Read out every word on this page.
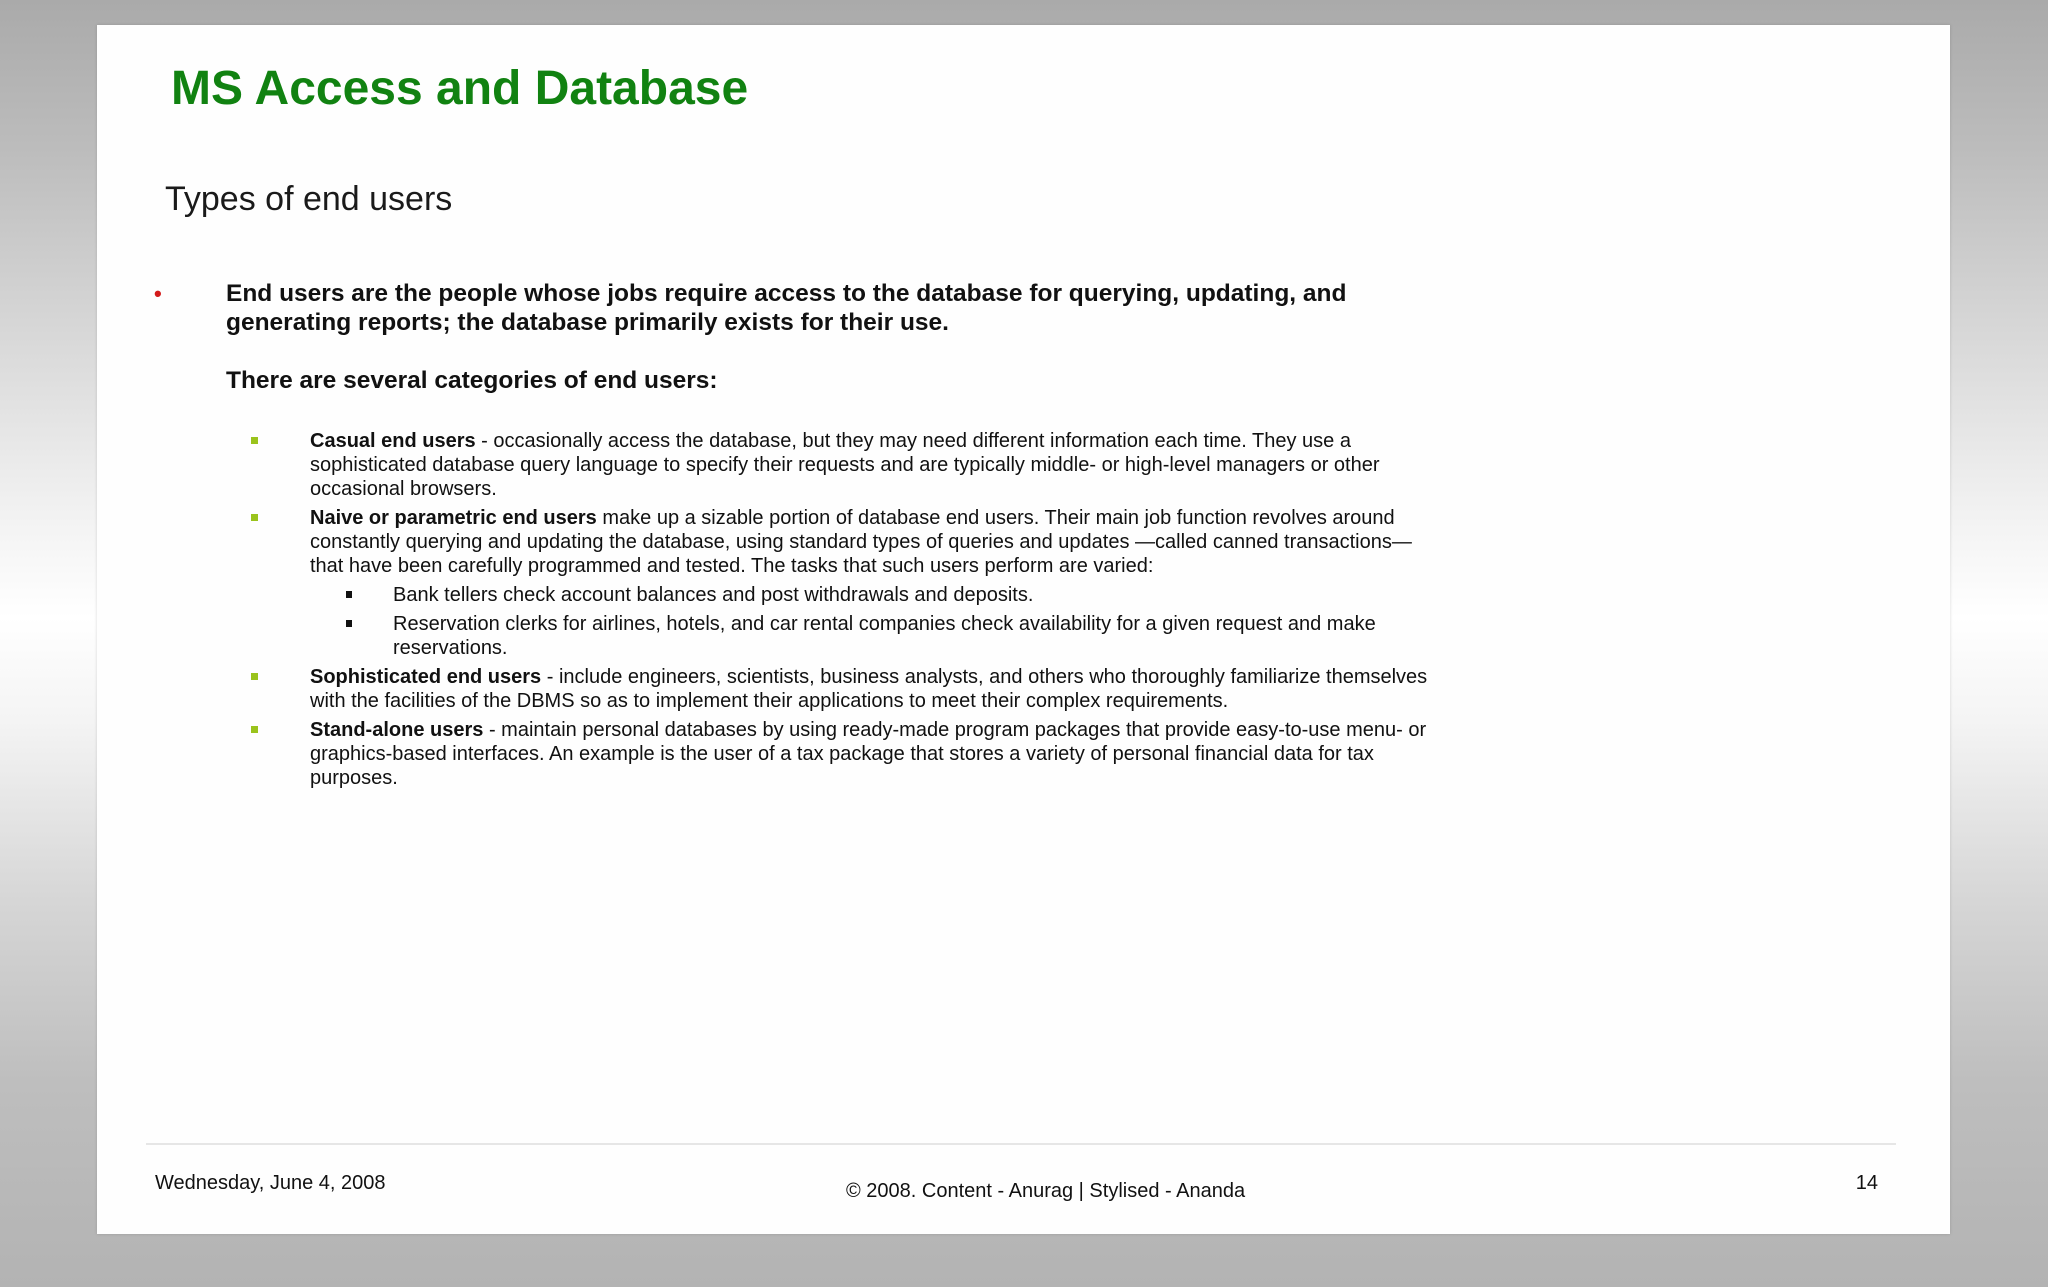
MS Access and Database
Types of end users
•	End users are the people whose jobs require access to the database for querying, updating, and generating reports; the database primarily exists for their use.

There are several categories of end users:

Casual end users - occasionally access the database, but they may need different information each time. They use a sophisticated database query language to specify their requests and are typically middle- or high-level managers or other occasional browsers.
Naive or parametric end users make up a sizable portion of database end users. Their main job function revolves around constantly querying and updating the database, using standard types of queries and updates —called canned transactions—that have been carefully programmed and tested. The tasks that such users perform are varied:
Bank tellers check account balances and post withdrawals and deposits.
Reservation clerks for airlines, hotels, and car rental companies check availability for a given request and make reservations.
Sophisticated end users - include engineers, scientists, business analysts, and others who thoroughly familiarize themselves with the facilities of the DBMS so as to implement their applications to meet their complex requirements.
Stand-alone users - maintain personal databases by using ready-made program packages that provide easy-to-use menu- or graphics-based interfaces. An example is the user of a tax package that stores a variety of personal financial data for tax purposes.
Wednesday, June 4, 2008	© 2008. Content - Anurag | Stylised - Ananda	14
